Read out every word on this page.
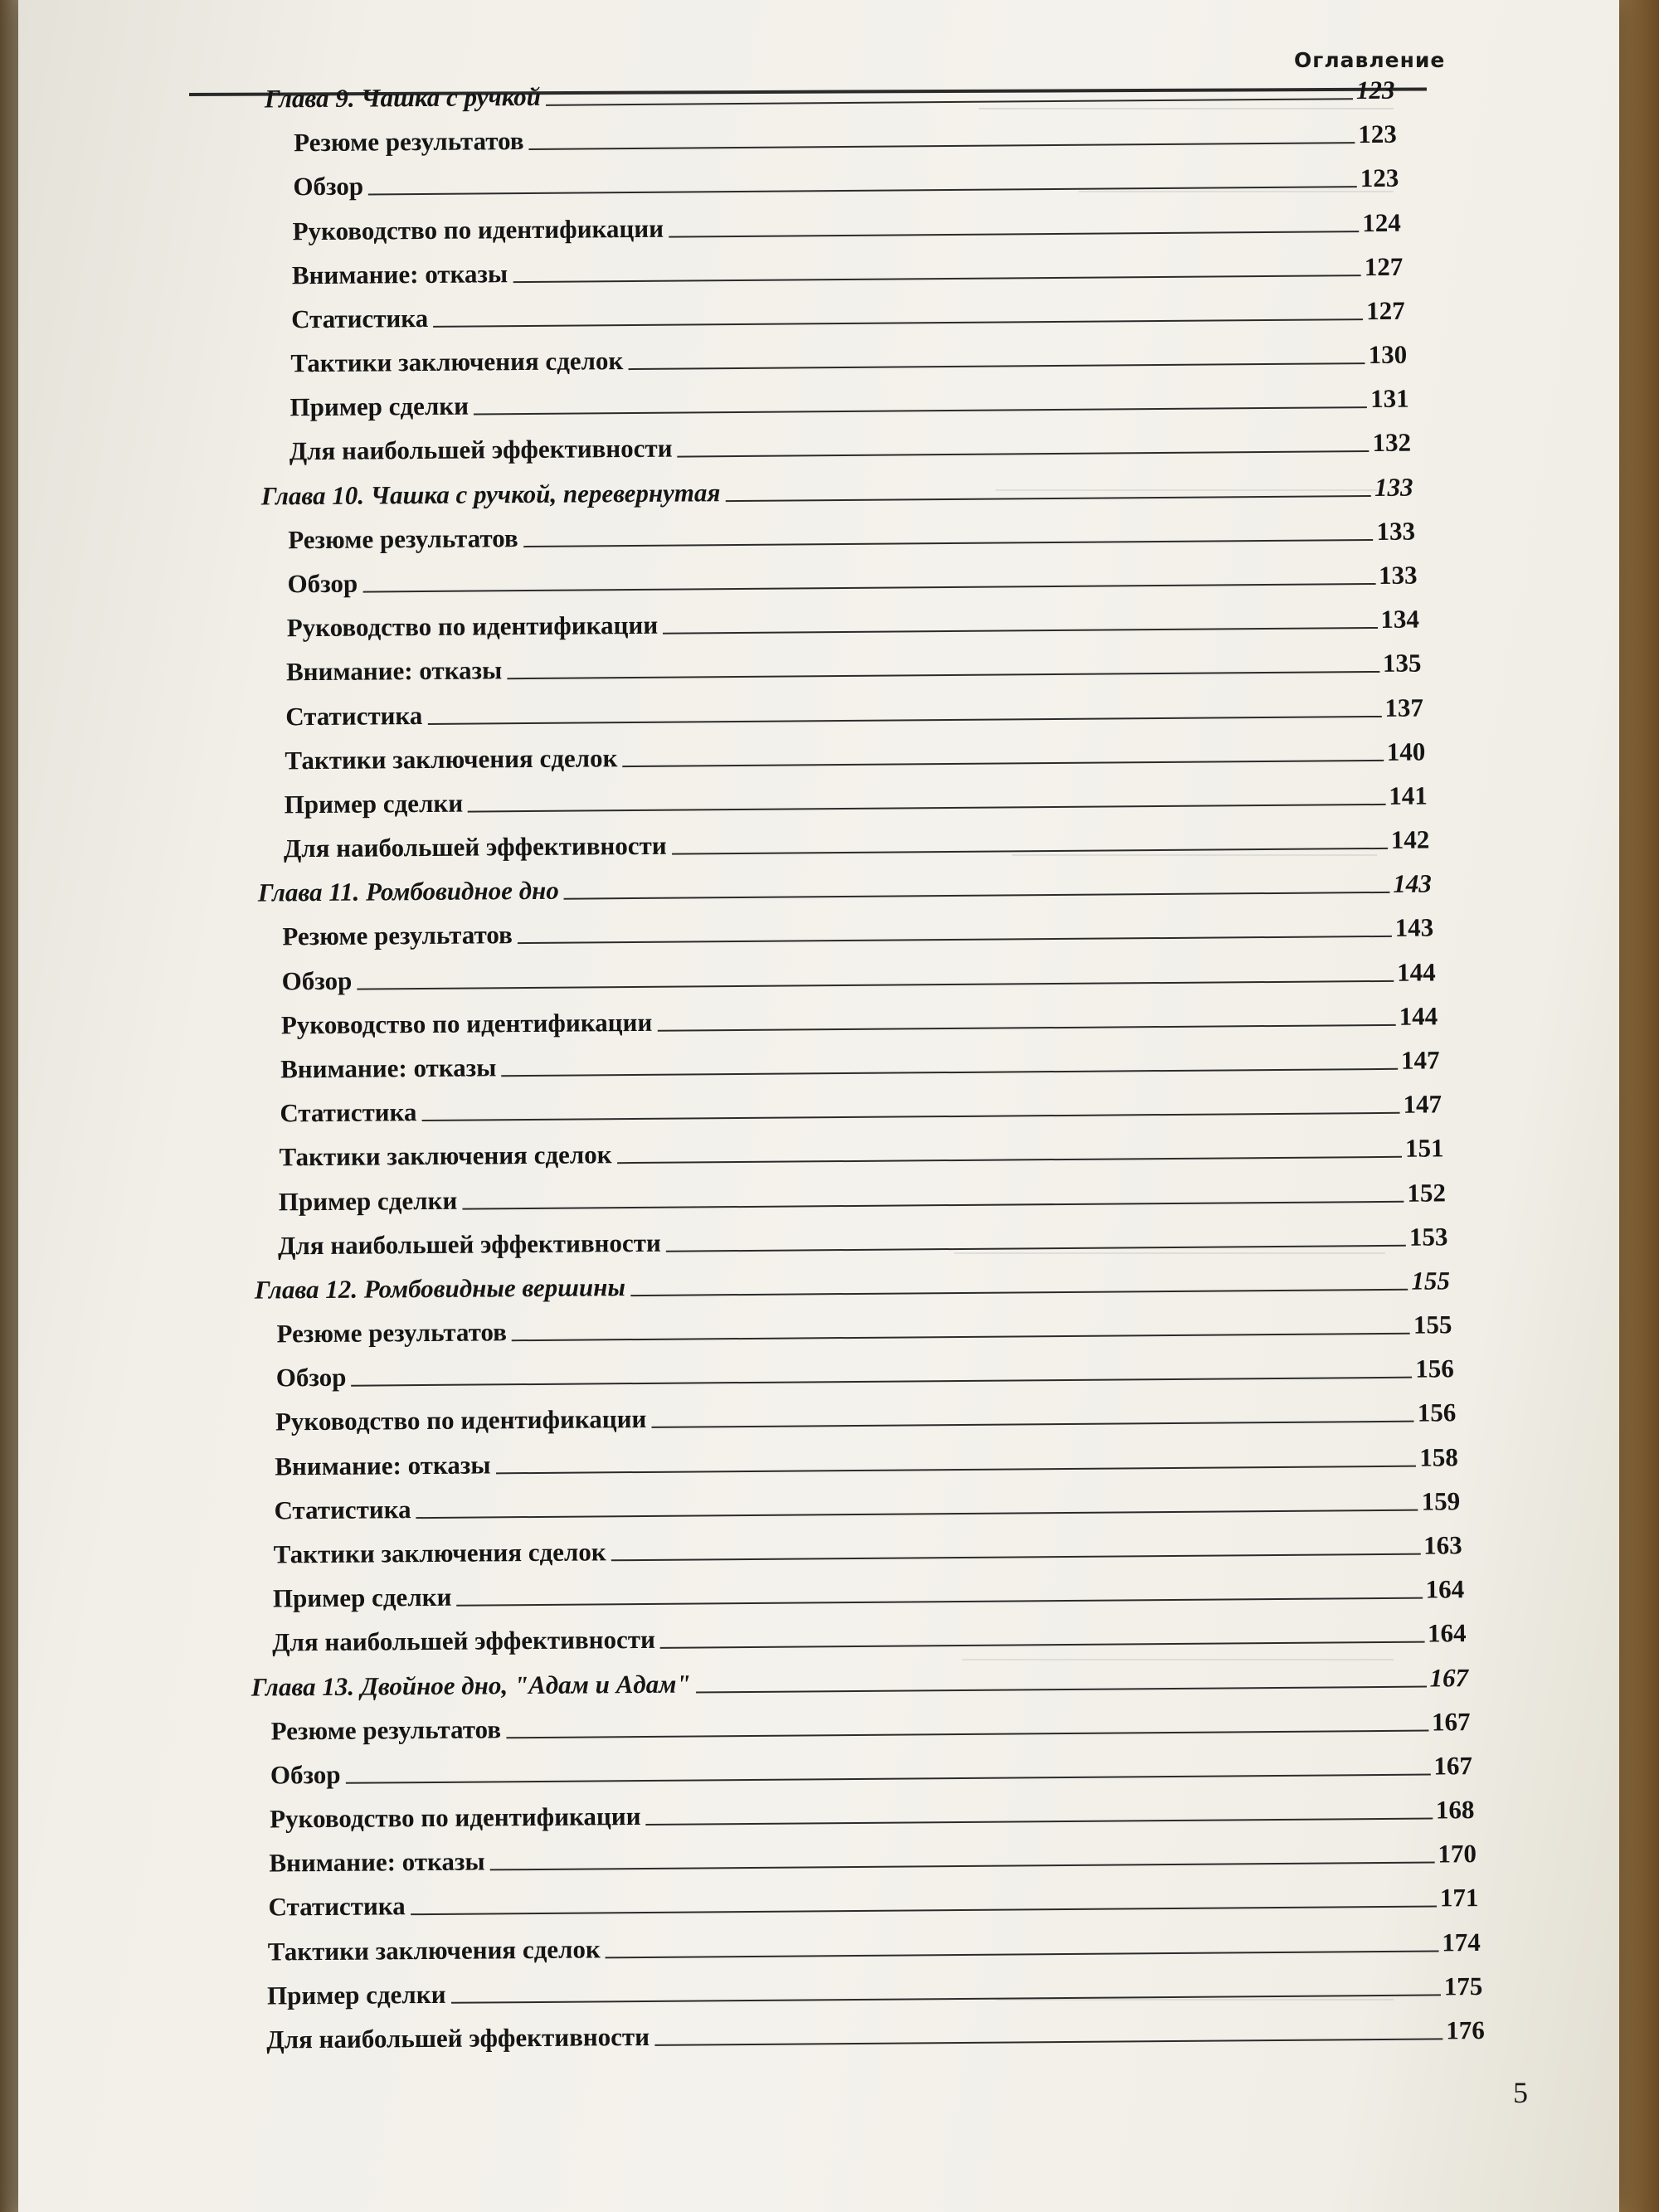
Оглавление
Глава 9. Чашка с ручкой	123
Резюме результатов	123
Обзор	123
Руководство по идентификации	124
Внимание: отказы	127
Статистика	127
Тактики заключения сделок	130
Пример сделки	131
Для наибольшей эффективности	132
Глава 10. Чашка с ручкой, перевернутая	133
Резюме результатов	133
Обзор	133
Руководство по идентификации	134
Внимание: отказы	135
Статистика	137
Тактики заключения сделок	140
Пример сделки	141
Для наибольшей эффективности	142
Глава 11. Ромбовидное дно	143
Резюме результатов	143
Обзор	144
Руководство по идентификации	144
Внимание: отказы	147
Статистика	147
Тактики заключения сделок	151
Пример сделки	152
Для наибольшей эффективности	153
Глава 12. Ромбовидные вершины	155
Резюме результатов	155
Обзор	156
Руководство по идентификации	156
Внимание: отказы	158
Статистика	159
Тактики заключения сделок	163
Пример сделки	164
Для наибольшей эффективности	164
Глава 13. Двойное дно, "Адам и Адам"	167
Резюме результатов	167
Обзор	167
Руководство по идентификации	168
Внимание: отказы	170
Статистика	171
Тактики заключения сделок	174
Пример сделки	175
Для наибольшей эффективности	176
5
